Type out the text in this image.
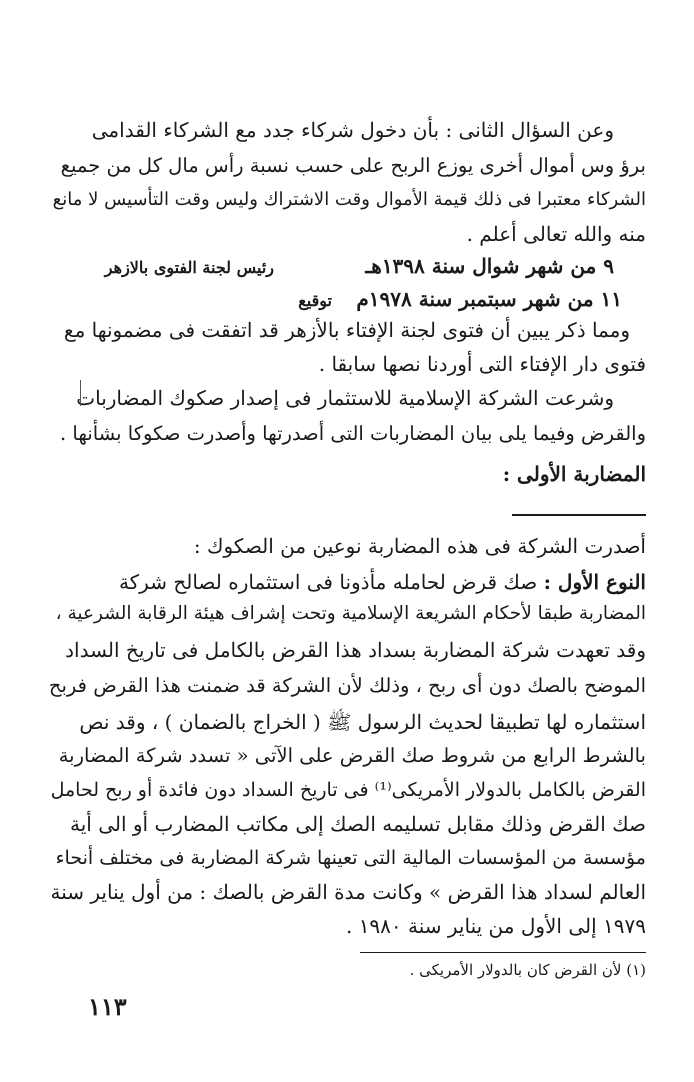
وعن السؤال الثانى : بأن دخول شركاء جدد مع الشركاء القدامى
برؤ وس أموال أخرى يوزع الربح على حسب نسبة رأس مال كل من جميع
الشركاء معتبرا فى ذلك قيمة الأموال وقت الاشتراك وليس وقت التأسيس لا مانع
منه والله تعالى أعلم .
٩ من شهر شوال سنة ١٣٩٨هـ
رئيس لجنة الفتوى بالازهر
١١ من شهر سبتمبر سنة ١٩٧٨م
توقيع
ومما ذكر يبين أن فتوى لجنة الإفتاء بالأزهر قد اتفقت فى مضمونها مع
فتوى دار الإفتاء التى أوردنا نصها سابقا .
وشرعت الشركة الإسلامية للاستثمار فى إصدار صكوك المضاربات
والقرض وفيما يلى بيان المضاربات التى أصدرتها وأصدرت صكوكا بشأنها .
المضاربة الأولى :
أصدرت الشركة فى هذه المضاربة نوعين من الصكوك :
النوع الأول : صك قرض لحامله مأذونا فى استثماره لصالح شركة
المضاربة طبقا لأحكام الشريعة الإسلامية وتحت إشراف هيئة الرقابة الشرعية ،
وقد تعهدت شركة المضاربة بسداد هذا القرض بالكامل فى تاريخ السداد
الموضح بالصك دون أى ربح ، وذلك لأن الشركة قد ضمنت هذا القرض فربح
استثماره لها تطبيقا لحديث الرسول ﷺ ( الخراج بالضمان ) ، وقد نص
بالشرط الرابع من شروط صك القرض على الآتى « تسدد شركة المضاربة
القرض بالكامل بالدولار الأمريكى⁽¹⁾ فى تاريخ السداد دون فائدة أو ربح لحامل
صك القرض وذلك مقابل تسليمه الصك إلى مكاتب المضارب أو الى أية
مؤسسة من المؤسسات المالية التى تعينها شركة المضاربة فى مختلف أنحاء
العالم لسداد هذا القرض » وكانت مدة القرض بالصك : من أول يناير سنة
١٩٧٩ إلى الأول من يناير سنة ١٩٨٠ .
(١) لأن القرض كان بالدولار الأمريكى .
١١٣
